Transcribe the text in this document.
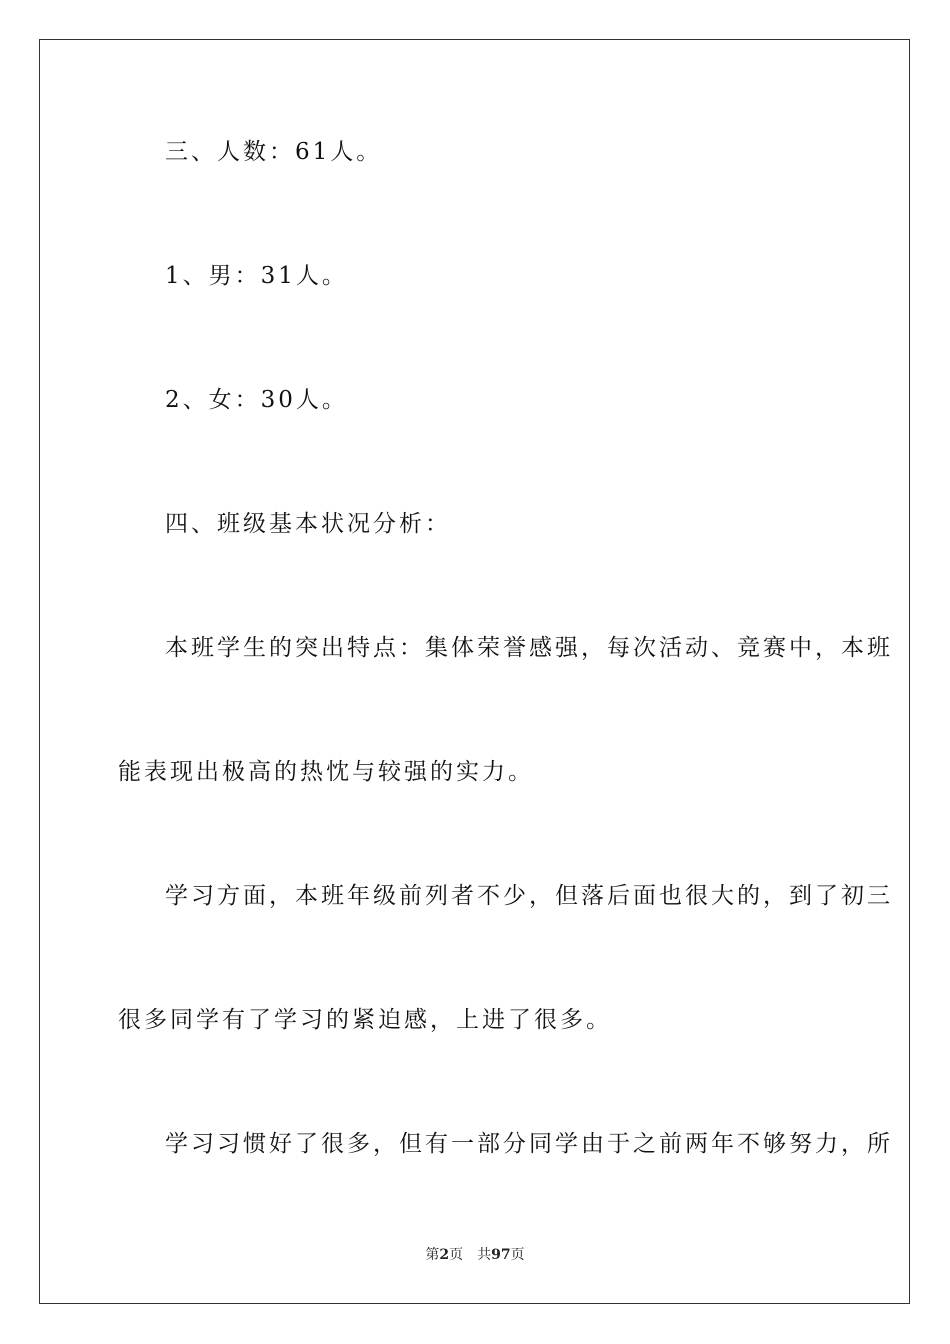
三、人数：61人。
1、男：31人。
2、女：30人。
四、班级基本状况分析：
本班学生的突出特点：集体荣誉感强，每次活动、竞赛中，本班
能表现出极高的热忱与较强的实力。
学习方面，本班年级前列者不少，但落后面也很大的，到了初三
很多同学有了学习的紧迫感，上进了很多。
学习习惯好了很多，但有一部分同学由于之前两年不够努力，所
第2页 共97页
